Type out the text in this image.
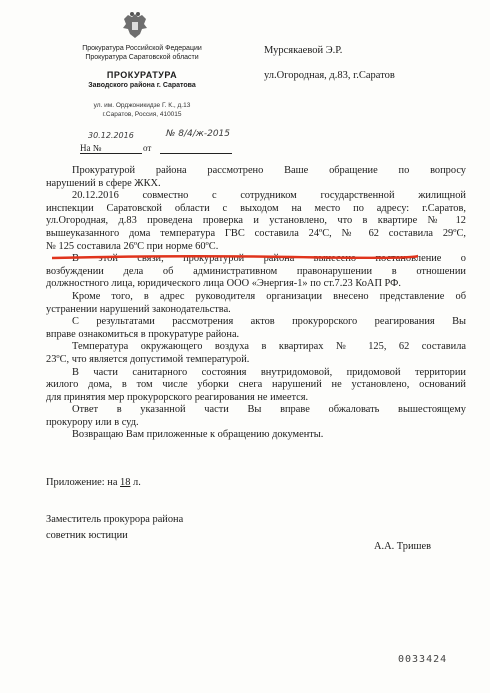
Прокуратура Российской Федерации
Прокуратура Саратовской области
ПРОКУРАТУРА
Заводского района г. Саратова
ул. им. Орджоникидзе Г. К., д.13
г.Саратов, Россия, 410015
Мурсякаевой Э.Р.
ул.Огородная, д.83, г.Саратов
30.12.2016	№ 8/4/ж-2015
На №	от
Прокуратурой района рассмотрено Ваше обращение по вопросу
нарушений в сфере ЖКХ.
20.12.2016 совместно с сотрудником государственной жилищной
инспекции Саратовской области с выходом на место по адресу: г.Саратов,
ул.Огородная, д.83 проведена проверка и установлено, что в квартире № 12
вышеуказанного дома температура ГВС составила 24ºС, № 62 составила 29ºС,
№ 125 составила 26ºС при норме 60ºС.
В этой связи, прокуратурой района вынесено постановление о
возбуждении дела об административном правонарушении в отношении
должностного лица, юридического лица ООО «Энергия-1» по ст.7.23 КоАП РФ.
Кроме того, в адрес руководителя организации внесено представление об
устранении нарушений законодательства.
С результатами рассмотрения актов прокурорского реагирования Вы
вправе ознакомиться в прокуратуре района.
Температура окружающего воздуха в квартирах № 125, 62 составила
23ºС, что является допустимой температурой.
В части санитарного состояния внутридомовой, придомовой территории
жилого дома, в том числе уборки снега нарушений не установлено, оснований
для принятия мер прокурорского реагирования не имеется.
Ответ в указанной части Вы вправе обжаловать вышестоящему
прокурору или в суд.
Возвращаю Вам приложенные к обращению документы.
Приложение: на 18 л.
Заместитель прокурора района
советник юстиции
А.А. Тришев
0033424
